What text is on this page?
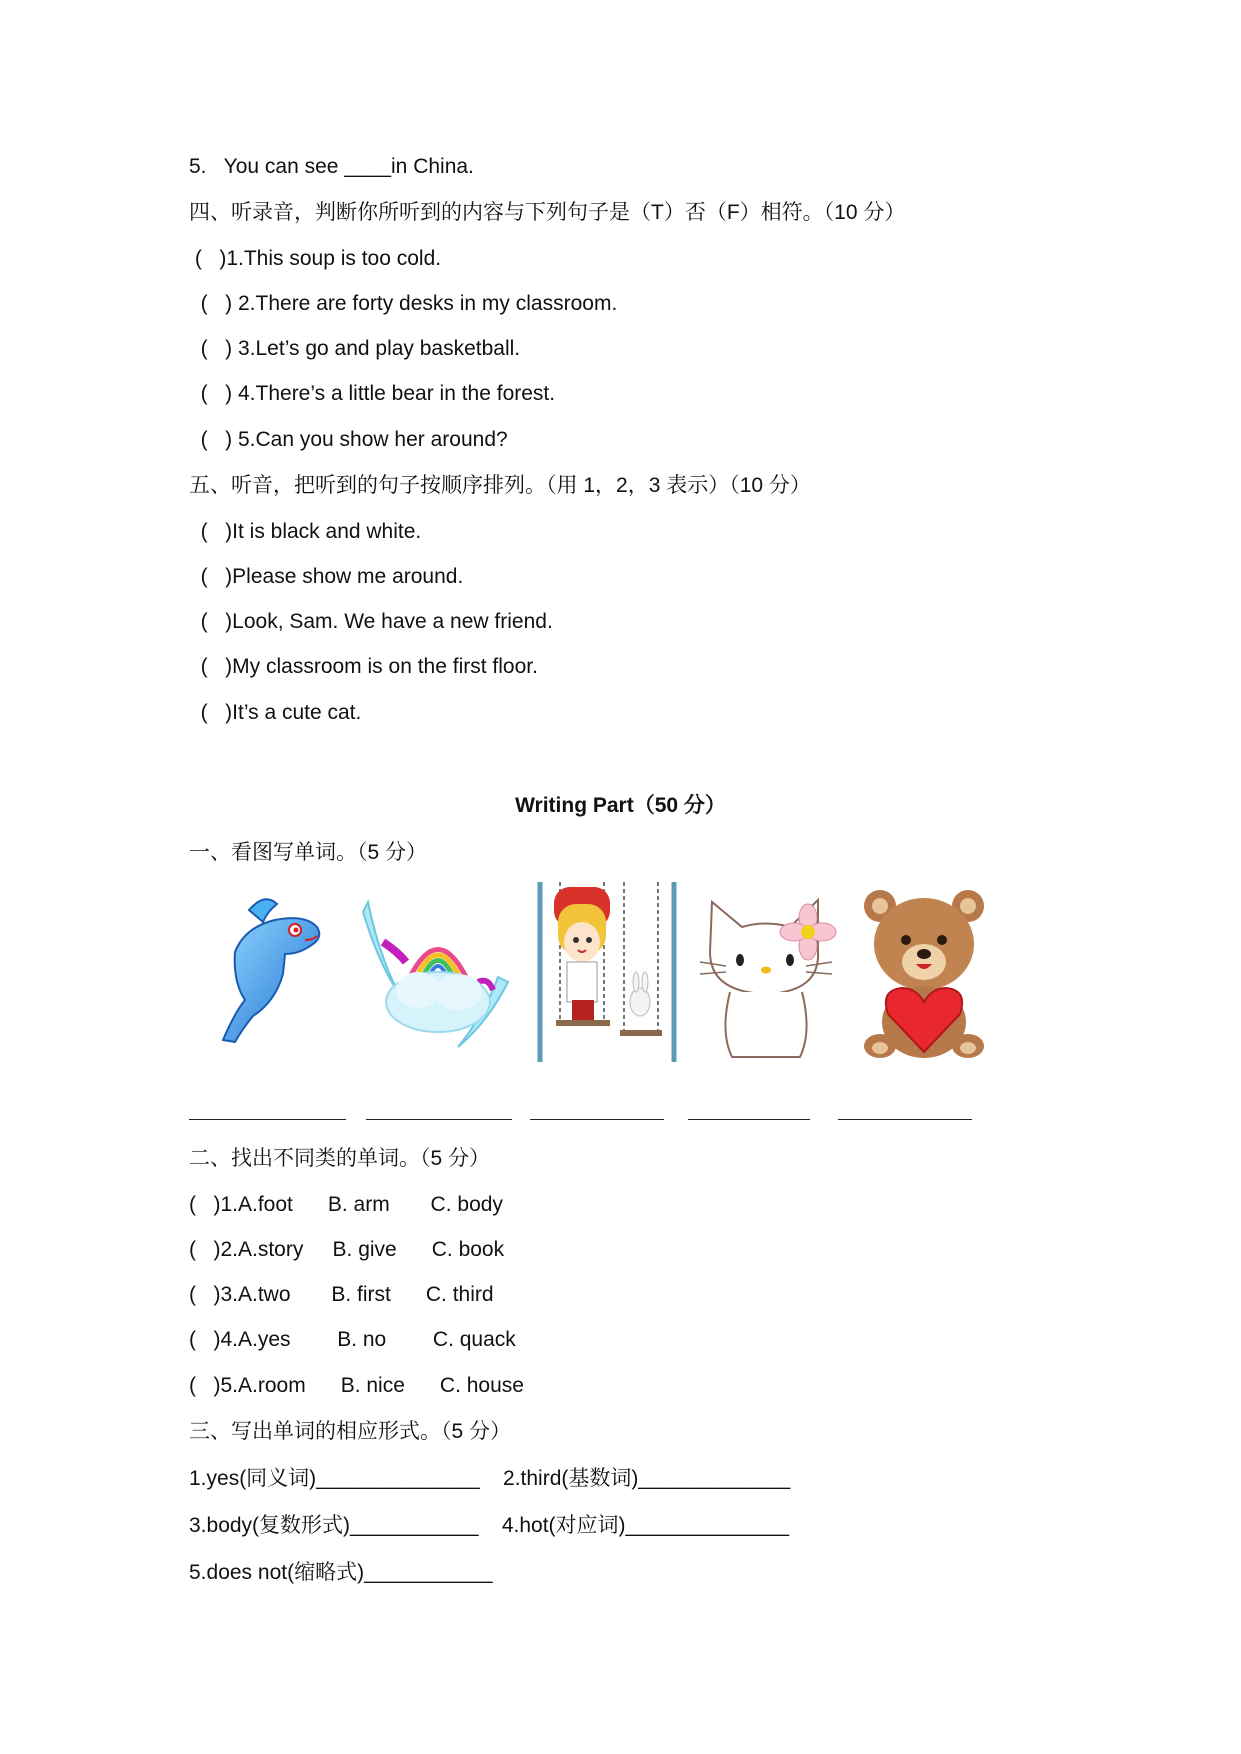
5.   You can see ____in China.
四、听录音，判断你所听到的内容与下列句子是（T）否（F）相符。（10 分）
(   )1.This soup is too cold.
(   ) 2.There are forty desks in my classroom.
(   ) 3.Let’s go and play basketball.
(   ) 4.There’s a little bear in the forest.
(   ) 5.Can you show her around?
五、听音，把听到的句子按顺序排列。（用 1，2，3 表示）（10 分）
(   )It is black and white.
(   )Please show me around.
(   )Look, Sam. We have a new friend.
(   )My classroom is on the first floor.
(   )It’s a cute cat.
Writing Part（50 分）
一、看图写单词。（5 分）
二、找出不同类的单词。（5 分）
(   )1.A.foot      B. arm       C. body
(   )2.A.story     B. give      C. book
(   )3.A.two       B. first      C. third
(   )4.A.yes        B. no        C. quack
(   )5.A.room      B. nice      C. house
三、写出单词的相应形式。（5 分）
1.yes(同义词)______________    2.third(基数词)_____________
3.body(复数形式)___________    4.hot(对应词)______________
5.does not(缩略式)___________
